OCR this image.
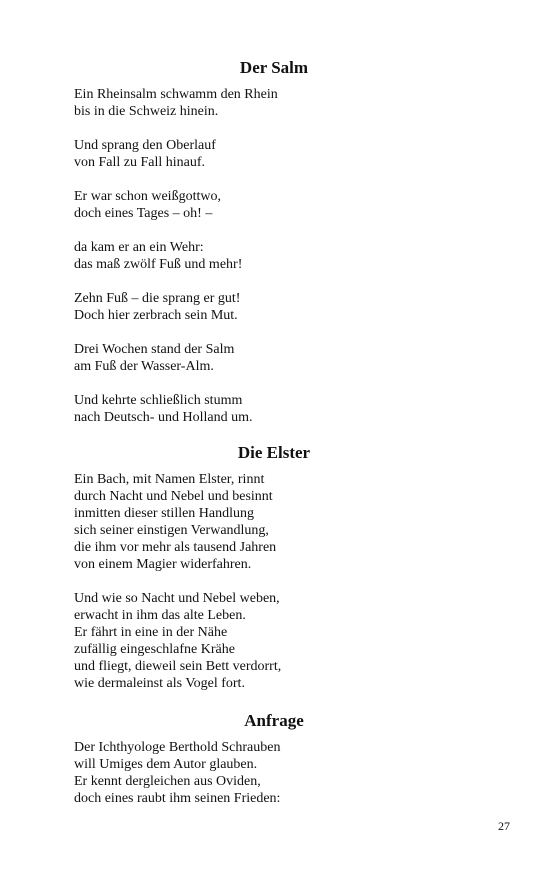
Der Salm
Ein Rheinsalm schwamm den Rhein
bis in die Schweiz hinein.
Und sprang den Oberlauf
von Fall zu Fall hinauf.
Er war schon weißgottwo,
doch eines Tages – oh! –
da kam er an ein Wehr:
das maß zwölf Fuß und mehr!
Zehn Fuß – die sprang er gut!
Doch hier zerbrach sein Mut.
Drei Wochen stand der Salm
am Fuß der Wasser-Alm.
Und kehrte schließlich stumm
nach Deutsch- und Holland um.
Die Elster
Ein Bach, mit Namen Elster, rinnt
durch Nacht und Nebel und besinnt
inmitten dieser stillen Handlung
sich seiner einstigen Verwandlung,
die ihm vor mehr als tausend Jahren
von einem Magier widerfahren.
Und wie so Nacht und Nebel weben,
erwacht in ihm das alte Leben.
Er fährt in eine in der Nähe
zufällig eingeschlafne Krähe
und fliegt, dieweil sein Bett verdorrt,
wie dermaleinst als Vogel fort.
Anfrage
Der Ichthyologe Berthold Schrauben
will Umiges dem Autor glauben.
Er kennt dergleichen aus Oviden,
doch eines raubt ihm seinen Frieden:
27
